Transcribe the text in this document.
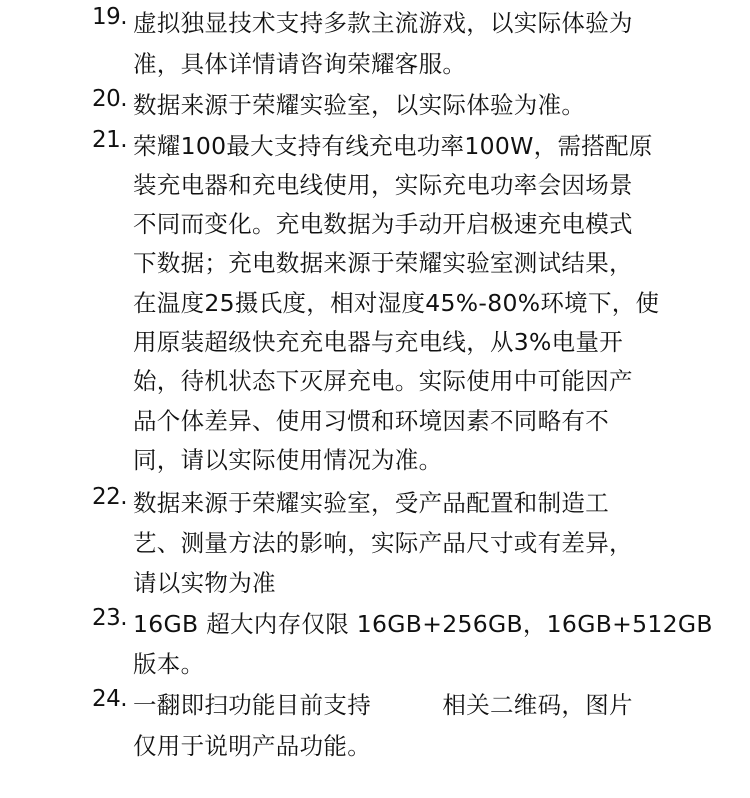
19. 虚拟独显技术支持多款主流游戏，以实际体验为
准，具体详情请咨询荣耀客服。
20. 数据来源于荣耀实验室，以实际体验为准。
21. 荣耀100最大支持有线充电功率100W，需搭配原
装充电器和充电线使用，实际充电功率会因场景
不同而变化。充电数据为手动开启极速充电模式
下数据；充电数据来源于荣耀实验室测试结果，
在温度25摄氏度，相对湿度45%-80%环境下，使
用原装超级快充充电器与充电线，从3%电量开
始，待机状态下灭屏充电。实际使用中可能因产
品个体差异、使用习惯和环境因素不同略有不
同，请以实际使用情况为准。
22. 数据来源于荣耀实验室，受产品配置和制造工
艺、测量方法的影响，实际产品尺寸或有差异，
请以实物为准
23. 16GB 超大内存仅限 16GB+256GB，16GB+512GB
版本。
24. 一翻即扫功能目前支持　　　相关二维码，图片
仅用于说明产品功能。
